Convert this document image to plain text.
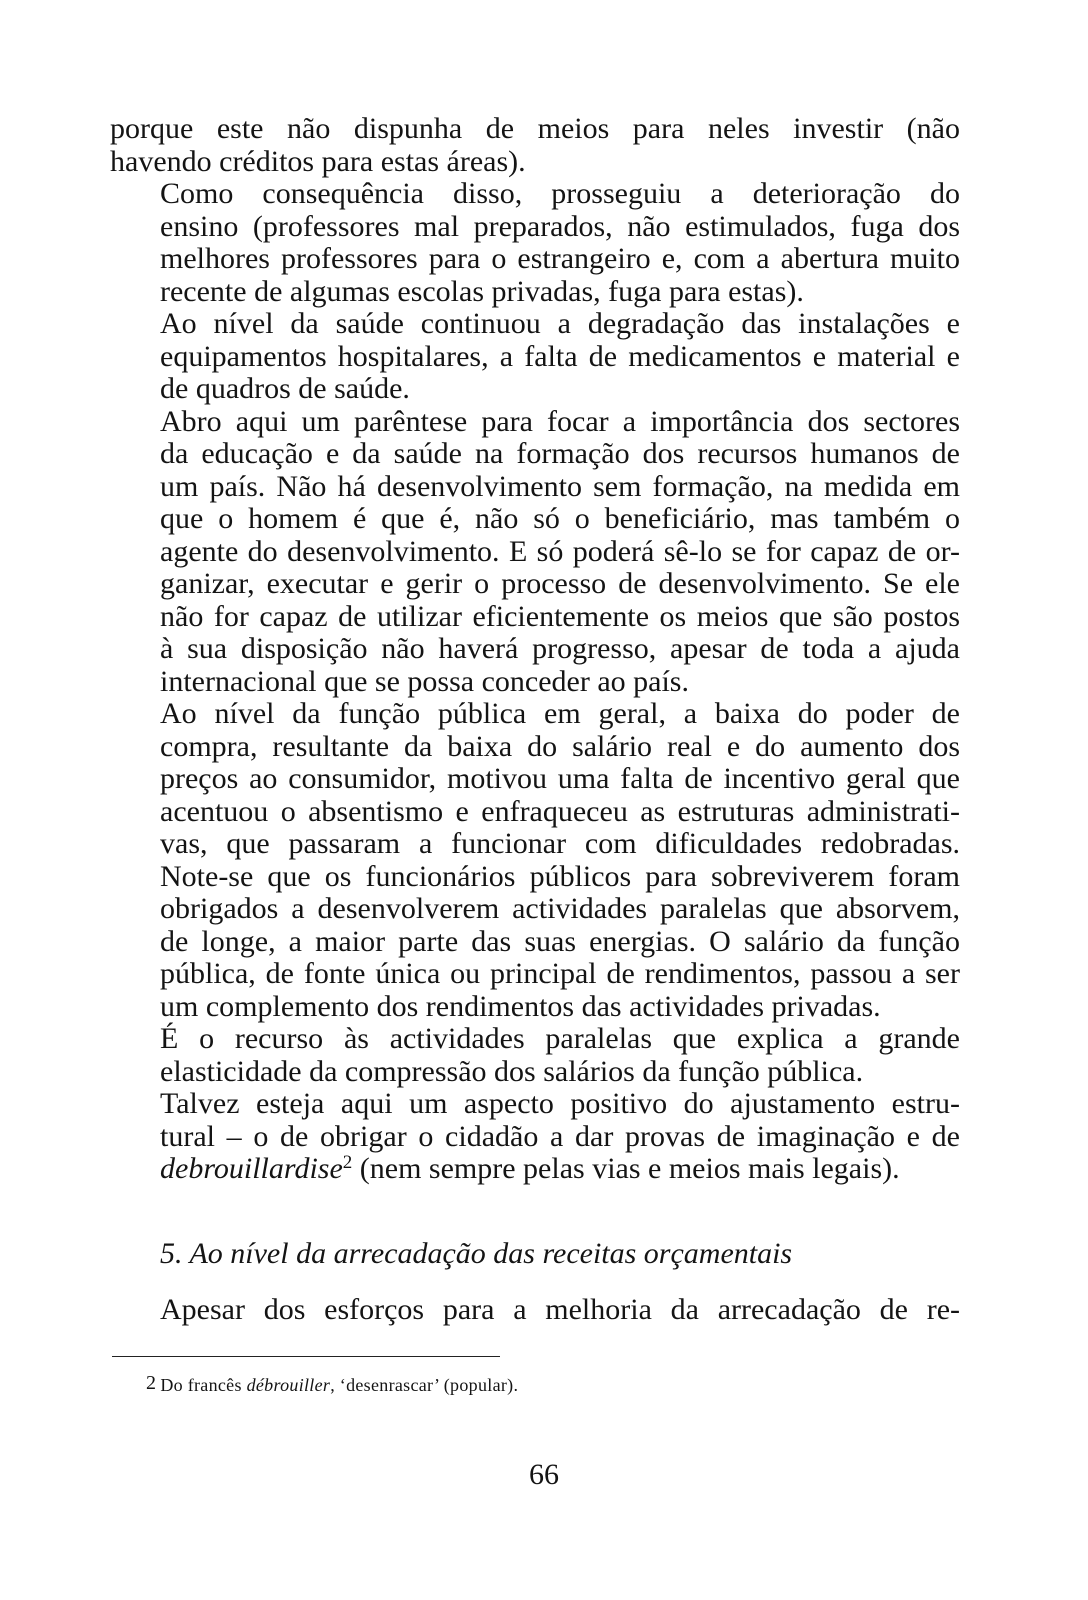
porque este não dispunha de meios para neles investir (não
havendo créditos para estas áreas).

Como consequência disso, prosseguiu a deterioração do
ensino (professores mal preparados, não estimulados, fuga dos
melhores professores para o estrangeiro e, com a abertura muito
recente de algumas escolas privadas, fuga para estas).

Ao nível da saúde continuou a degradação das instalações e
equipamentos hospitalares, a falta de medicamentos e material e
de quadros de saúde.

Abro aqui um parêntese para focar a importância dos sectores
da educação e da saúde na formação dos recursos humanos de
um país. Não há desenvolvimento sem formação, na medida em
que o homem é que é, não só o beneficiário, mas também o
agente do desenvolvimento. E só poderá sê-lo se for capaz de or-
ganizar, executar e gerir o processo de desenvolvimento. Se ele
não for capaz de utilizar eficientemente os meios que são postos
à sua disposição não haverá progresso, apesar de toda a ajuda
internacional que se possa conceder ao país.

Ao nível da função pública em geral, a baixa do poder de
compra, resultante da baixa do salário real e do aumento dos
preços ao consumidor, motivou uma falta de incentivo geral que
acentuou o absentismo e enfraqueceu as estruturas administrati-
vas, que passaram a funcionar com dificuldades redobradas.
Note-se que os funcionários públicos para sobreviverem foram
obrigados a desenvolverem actividades paralelas que absorvem,
de longe, a maior parte das suas energias. O salário da função
pública, de fonte única ou principal de rendimentos, passou a ser
um complemento dos rendimentos das actividades privadas.

É o recurso às actividades paralelas que explica a grande
elasticidade da compressão dos salários da função pública.

Talvez esteja aqui um aspecto positivo do ajustamento estru-
tural – o de obrigar o cidadão a dar provas de imaginação e de
debrouillardise$^2$ (nem sempre pelas vias e meios mais legais).

5. Ao nível da arrecadação das receitas orçamentais

Apesar dos esforços para a melhoria da arrecadação de re-

$^2$ Do francês débrouiller, ‘desenrascar’ (popular).
66
